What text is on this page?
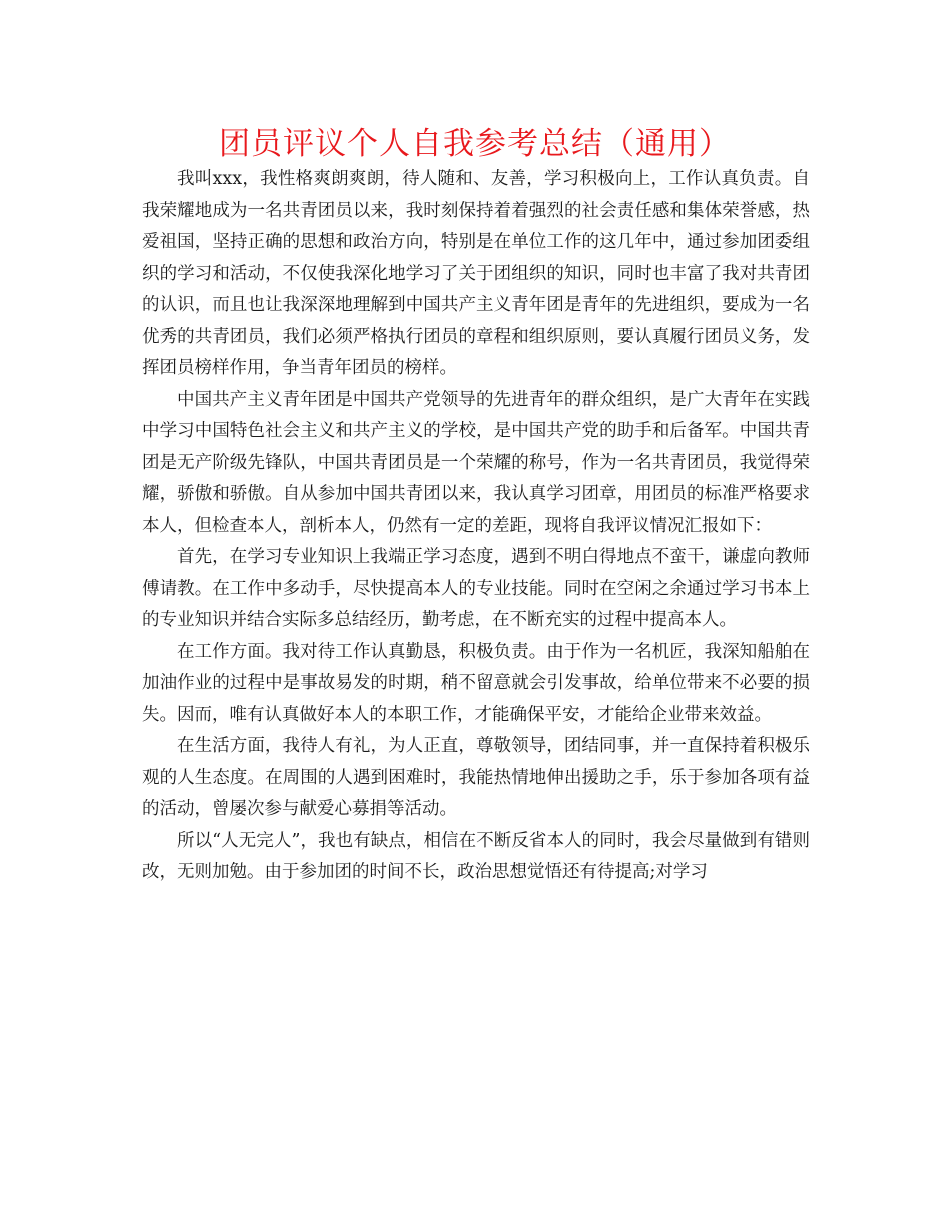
团员评议个人自我参考总结（通用）

我叫xxx，我性格爽朗爽朗，待人随和、友善，学习积极向上，工作认真负责。自我荣耀地成为一名共青团员以来，我时刻保持着着强烈的社会责任感和集体荣誉感，热爱祖国，坚持正确的思想和政治方向，特别是在单位工作的这几年中，通过参加团委组织的学习和活动，不仅使我深化地学习了关于团组织的知识，同时也丰富了我对共青团的认识，而且也让我深深地理解到中国共产主义青年团是青年的先进组织，要成为一名优秀的共青团员，我们必须严格执行团员的章程和组织原则，要认真履行团员义务，发挥团员榜样作用，争当青年团员的榜样。

中国共产主义青年团是中国共产党领导的先进青年的群众组织，是广大青年在实践中学习中国特色社会主义和共产主义的学校，是中国共产党的助手和后备军。中国共青团是无产阶级先锋队，中国共青团员是一个荣耀的称号，作为一名共青团员，我觉得荣耀，骄傲和骄傲。自从参加中国共青团以来，我认真学习团章，用团员的标准严格要求本人，但检查本人，剖析本人，仍然有一定的差距，现将自我评议情况汇报如下：

首先，在学习专业知识上我端正学习态度，遇到不明白得地点不蛮干，谦虚向教师傅请教。在工作中多动手，尽快提高本人的专业技能。同时在空闲之余通过学习书本上的专业知识并结合实际多总结经历，勤考虑，在不断充实的过程中提高本人。

在工作方面。我对待工作认真勤恳，积极负责。由于作为一名机匠，我深知船舶在加油作业的过程中是事故易发的时期，稍不留意就会引发事故，给单位带来不必要的损失。因而，唯有认真做好本人的本职工作，才能确保平安，才能给企业带来效益。

在生活方面，我待人有礼，为人正直，尊敬领导，团结同事，并一直保持着积极乐观的人生态度。在周围的人遇到困难时，我能热情地伸出援助之手，乐于参加各项有益的活动，曾屡次参与献爱心募捐等活动。

所以“人无完人”，我也有缺点，相信在不断反省本人的同时，我会尽量做到有错则改，无则加勉。由于参加团的时间不长，政治思想觉悟还有待提高;对学习
